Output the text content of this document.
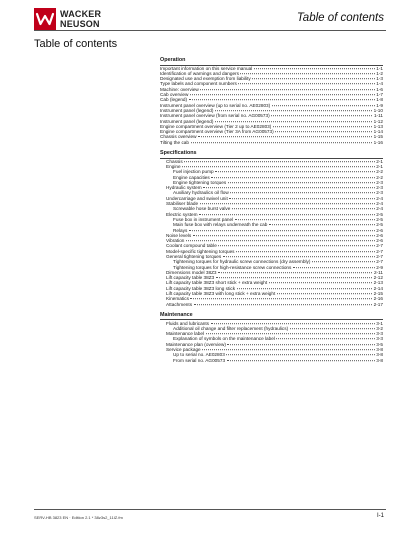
WACKER
NEUSON	Table of contents
Table of contents
Operation
Important information on this service manual	1-1
Identification of warnings and dangers	1-2
Designated use and exemption from liability	1-3
Type labels and component numbers	1-4
Machine: overview	1-6
Cab overview	1-7
Cab (legend)	1-8
Instrument panel overview (up to serial no. AE02803)	1-9
Instrument panel (legend)	1-10
Instrument panel overview (from serial no. AG00573)	1-11
Instrument panel (legend)	1-12
Engine compartment overview (Tier 2 up to AE02803)	1-13
Engine compartment overview (Tier 3A from AG00573)	1-14
Chassis overview	1-15
Tilting the cab	1-16
Specifications
Chassis	2-1
Engine	2-1
Fuel injection pump	2-2
Engine capacities	2-2
Engine tightening torques	2-3
Hydraulic system	2-3
Auxiliary hydraulics oil flow	2-3
Undercarriage and swivel unit	2-4
Stabiliser blade	2-4
Screwable hose burst valve	2-4
Electric system	2-5
Fuse box in instrument panel	2-5
Main fuse box with relays underneath the cab	2-5
Relays	2-6
Noise levels	2-6
Vibration	2-6
Coolant compound table	2-7
Model-specific tightening torques	2-7
General tightening torques	2-7
Tightening torques for hydraulic screw connections (dry assembly)	2-7
Tightening torques for high-resistance screw connections	2-9
Dimensions model 38Z3	2-11
Lift capacity table 38Z3	2-12
Lift capacity table 38Z3 short stick + extra weight	2-13
Lift capacity table 38Z3 long stick	2-14
Lift capacity table 38Z3 with long stick + extra weight	2-15
Kinematics	2-16
Attachments	2-17
Maintenance
Fluids and lubricants	3-1
Additional oil change and filter replacement (hydraulics)	3-2
Maintenance label	3-3
Explanation of symbols on the maintenance label	3-3
Maintenance plan (overview)	3-5
Service package	3-8
Up to serial no. AE02803	3-8
From serial no. AG00573	3-8
SERV-HB 3823 EN · Edition 2.1 * 38z3s2_11IZ.fm	I-1
